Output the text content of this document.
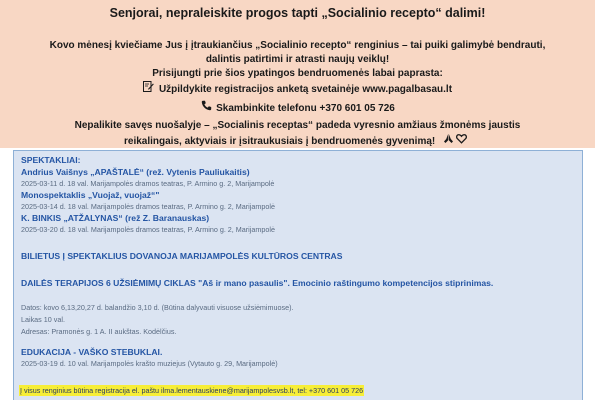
Senjorai, nepraleiskite progos tapti „Socialinio recepto“ dalimi!
Kovo mėnesį kviečiame Jus į įtraukiančius „Socialinio recepto“ renginius – tai puiki galimybė bendrauti,
dalintis patirtimi ir atrasti naujų veiklų!
Prisijungti prie šios ypatingos bendruomenės labai paprasta:
Užpildykite registracijos anketą svetainėje www.pagalbasau.lt
Skambinkite telefonu +370 601 05 726
Nepalikite savęs nuošalyje – „Socialinis receptas“ padeda vyresnio amžiaus žmonėms jaustis
reikalingais, aktyviais ir įsitraukusiais į bendruomenės gyvenimą!
SPEKTAKLIAI:
Andrius Vaišnys „APAŠTALĖ“ (rež. Vytenis Pauliukaitis)
2025-03-11 d. 18 val. Marijampolės dramos teatras, P. Armino g. 2, Marijampolė
Monospektaklis „Vuojaž, vuojaž“"
2025-03-14 d. 18 val. Marijampolės dramos teatras, P. Armino g. 2, Marijampolė
K. BINKIS „ATŽALYNAS“ (rež Z. Baranauskas)
2025-03-20 d. 18 val. Marijampolės dramos teatras, P. Armino g. 2, Marijampolė
BILIETUS Į SPEKTAKLIUS DOVANOJA MARIJAMPOLĖS KULTŪROS CENTRAS
DAILĖS TERAPIJOS 6 UŽSIĖMIMŲ CIKLAS "Aš ir mano pasaulis". Emocinio raštingumo kompetencijos stiprinimas.
Datos: kovo 6,13,20,27 d. balandžio 3,10 d. (Būtina dalyvauti visuose užsiėmimuose).
Laikas 10 val.
Adresas: Pramonės g. 1 A. II aukštas. Kodėlčius.
EDUKACIJA - VAŠKO STEBUKLAI.
2025-03-19 d. 10 val. Marijampolės krašto muziejus (Vytauto g. 29, Marijampolė)
Į visus renginius būtina registracija el. paštu ilma.lementauskiene@marijampolesvsb.lt, tel: +370 601 05 726
